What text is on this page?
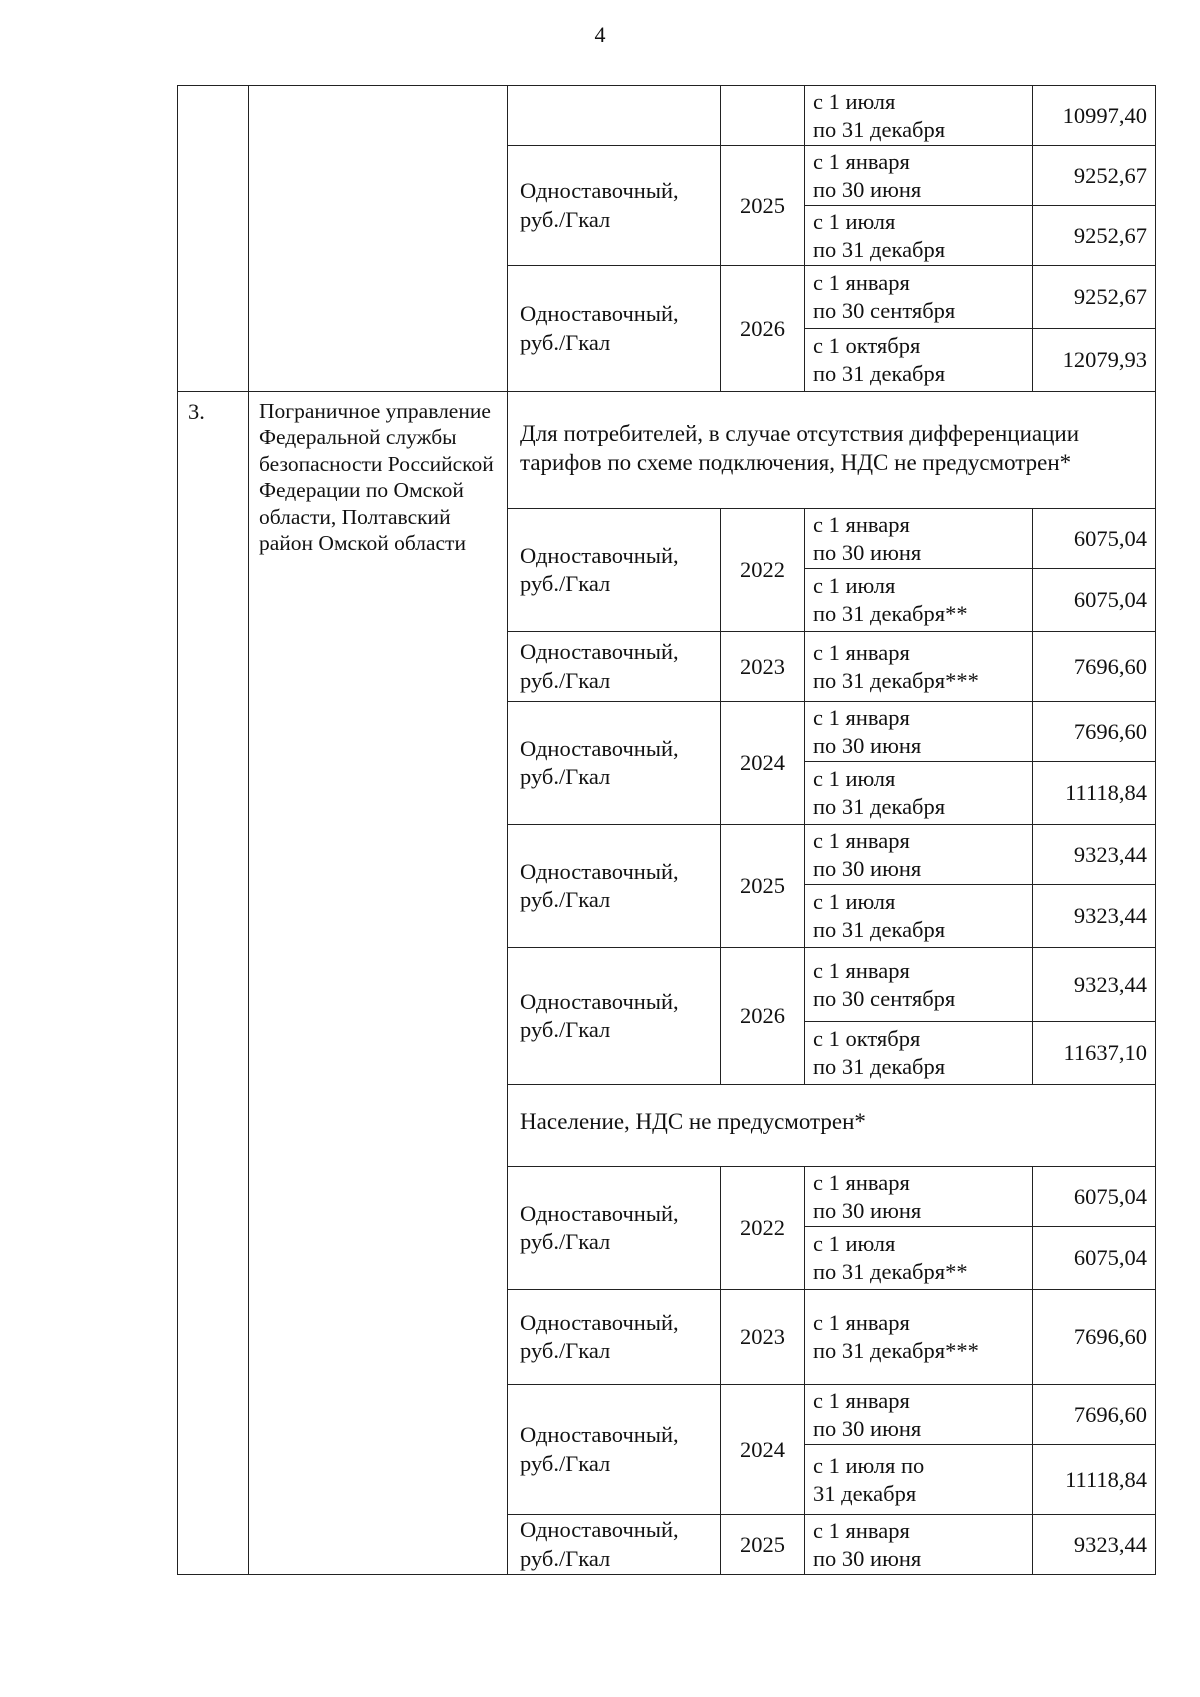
4

				с 1 июля
по 31 декабря	10997,40

		Одноставочный,
руб./Гкал	2025	с 1 января
по 30 июня	9252,67

				с 1 июля
по 31 декабря	9252,67

		Одноставочный,
руб./Гкал	2026	с 1 января
по 30 сентября	9252,67

				с 1 октября
по 31 декабря	12079,93

3.	Пограничное управление Федеральной службы безопасности Российской Федерации по Омской области, Полтавский район Омской области	Для потребителей, в случае отсутствия дифференциации тарифов по схеме подключения, НДС не предусмотрен*			

		Одноставочный,
руб./Гкал	2022	с 1 января
по 30 июня	6075,04

				с 1 июля
по 31 декабря**	6075,04

		Одноставочный,
руб./Гкал	2023	с 1 января
по 31 декабря***	7696,60

		Одноставочный,
руб./Гкал	2024	с 1 января
по 30 июня	7696,60

				с 1 июля
по 31 декабря	11118,84

		Одноставочный,
руб./Гкал	2025	с 1 января
по 30 июня	9323,44

				с 1 июля
по 31 декабря	9323,44

		Одноставочный,
руб./Гкал	2026	с 1 января
по 30 сентября	9323,44

				с 1 октября
по 31 декабря	11637,10

		Население, НДС не предусмотрен*			

		Одноставочный,
руб./Гкал	2022	с 1 января
по 30 июня	6075,04

				с 1 июля
по 31 декабря**	6075,04

		Одноставочный,
руб./Гкал	2023	с 1 января
по 31 декабря***	7696,60

		Одноставочный,
руб./Гкал	2024	с 1 января
по 30 июня	7696,60

				с 1 июля по
31 декабря	11118,84

		Одноставочный,
руб./Гкал	2025	с 1 января
по 30 июня	9323,44
